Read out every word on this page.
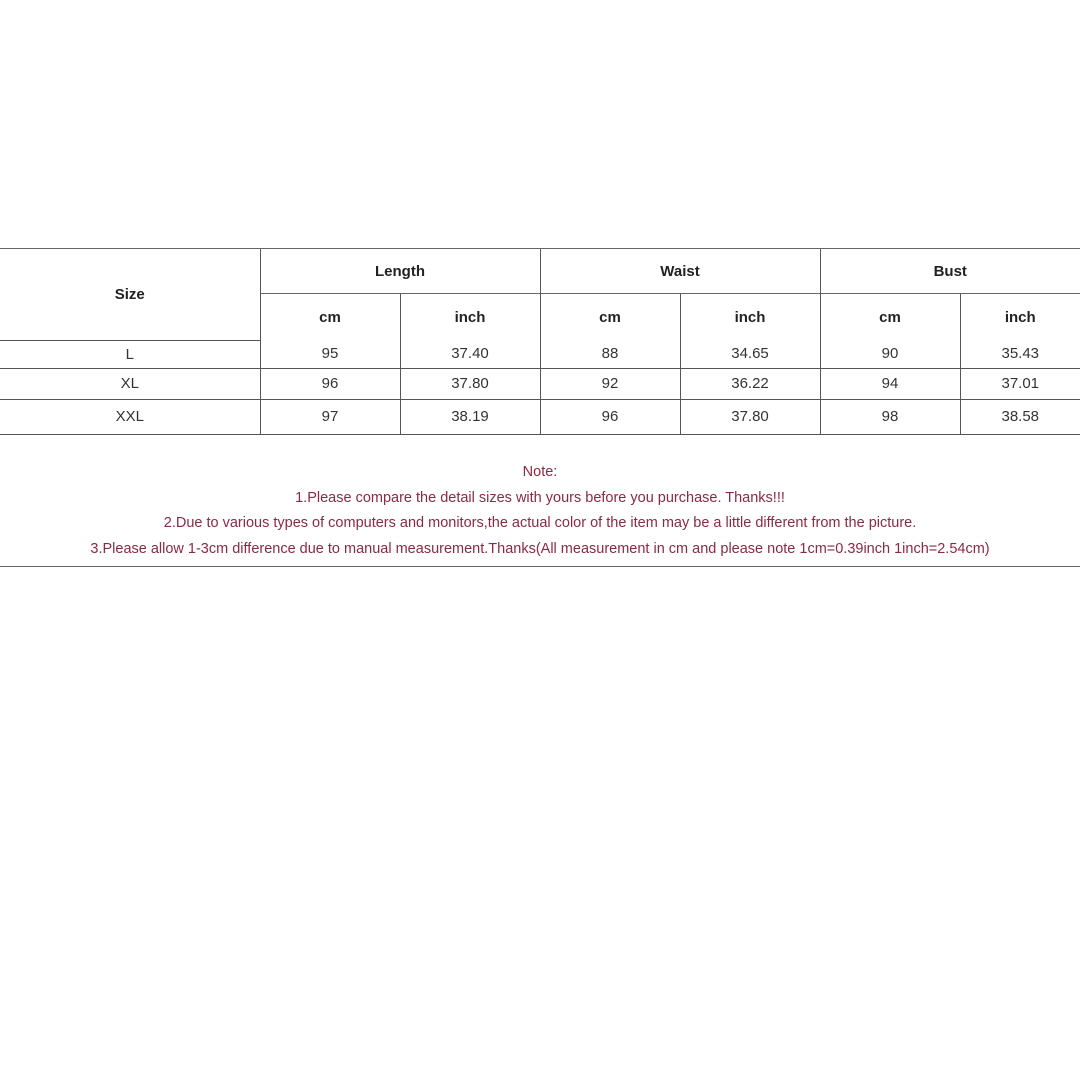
Size	Length		Waist		Bust	
	cm	inch	cm	inch	cm	inch
L	95	37.40	88	34.65	90	35.43
XL	96	37.80	92	36.22	94	37.01
XXL	97	38.19	96	37.80	98	38.58
Note:
1.Please compare the detail sizes with yours before you purchase. Thanks!!!
2.Due to various types of computers and monitors,the actual color of the item may be a little different from the picture.
3.Please allow 1-3cm difference due to manual measurement.Thanks(All measurement in cm and please note 1cm=0.39inch 1inch=2.54cm)
